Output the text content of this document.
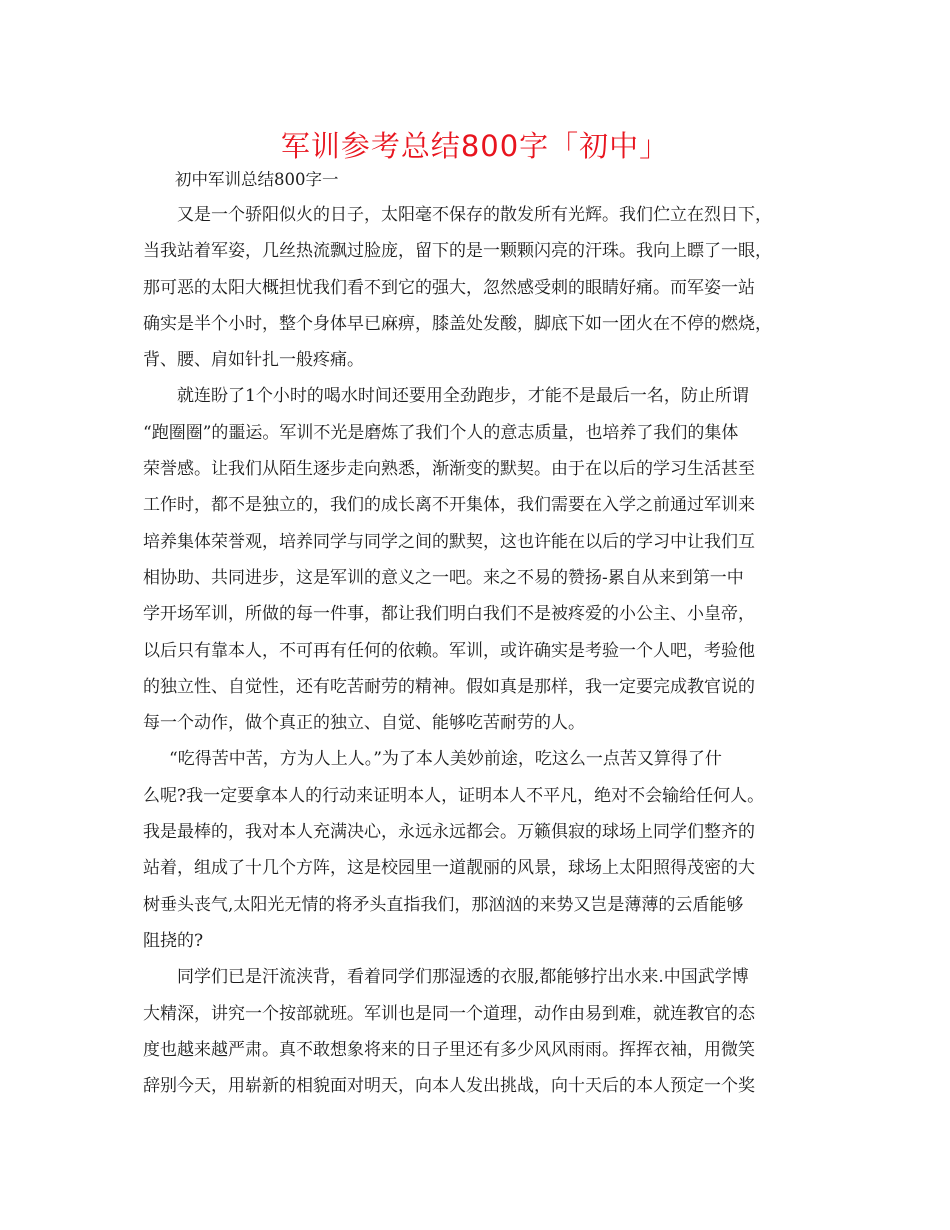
军训参考总结800字「初中」
初中军训总结800字一
又是一个骄阳似火的日子，太阳毫不保存的散发所有光辉。我们伫立在烈日下，
当我站着军姿，几丝热流飘过脸庞，留下的是一颗颗闪亮的汗珠。我向上瞟了一眼，
那可恶的太阳大概担忧我们看不到它的强大，忽然感受刺的眼睛好痛。而军姿一站
确实是半个小时，整个身体早已麻痹，膝盖处发酸，脚底下如一团火在不停的燃烧，
背、腰、肩如针扎一般疼痛。
就连盼了1个小时的喝水时间还要用全劲跑步，才能不是最后一名，防止所谓
“跑圈圈”的噩运。军训不光是磨炼了我们个人的意志质量，也培养了我们的集体
荣誉感。让我们从陌生逐步走向熟悉，渐渐变的默契。由于在以后的学习生活甚至
工作时，都不是独立的，我们的成长离不开集体，我们需要在入学之前通过军训来
培养集体荣誉观，培养同学与同学之间的默契，这也许能在以后的学习中让我们互
相协助、共同进步，这是军训的意义之一吧。来之不易的赞扬-累自从来到第一中
学开场军训，所做的每一件事，都让我们明白我们不是被疼爱的小公主、小皇帝，
以后只有靠本人，不可再有任何的依赖。军训，或许确实是考验一个人吧，考验他
的独立性、自觉性，还有吃苦耐劳的精神。假如真是那样，我一定要完成教官说的
每一个动作，做个真正的独立、自觉、能够吃苦耐劳的人。
“吃得苦中苦，方为人上人。”为了本人美妙前途，吃这么一点苦又算得了什
么呢?我一定要拿本人的行动来证明本人，证明本人不平凡，绝对不会输给任何人。
我是最棒的，我对本人充满决心，永远永远都会。万籁俱寂的球场上同学们整齐的
站着，组成了十几个方阵，这是校园里一道靓丽的风景，球场上太阳照得茂密的大
树垂头丧气,太阳光无情的将矛头直指我们，那汹汹的来势又岂是薄薄的云盾能够
阻挠的?
同学们已是汗流浃背，看着同学们那湿透的衣服,都能够拧出水来.中国武学博
大精深，讲究一个按部就班。军训也是同一个道理，动作由易到难，就连教官的态
度也越来越严肃。真不敢想象将来的日子里还有多少风风雨雨。挥挥衣袖，用微笑
辞别今天，用崭新的相貌面对明天，向本人发出挑战，向十天后的本人预定一个奖
